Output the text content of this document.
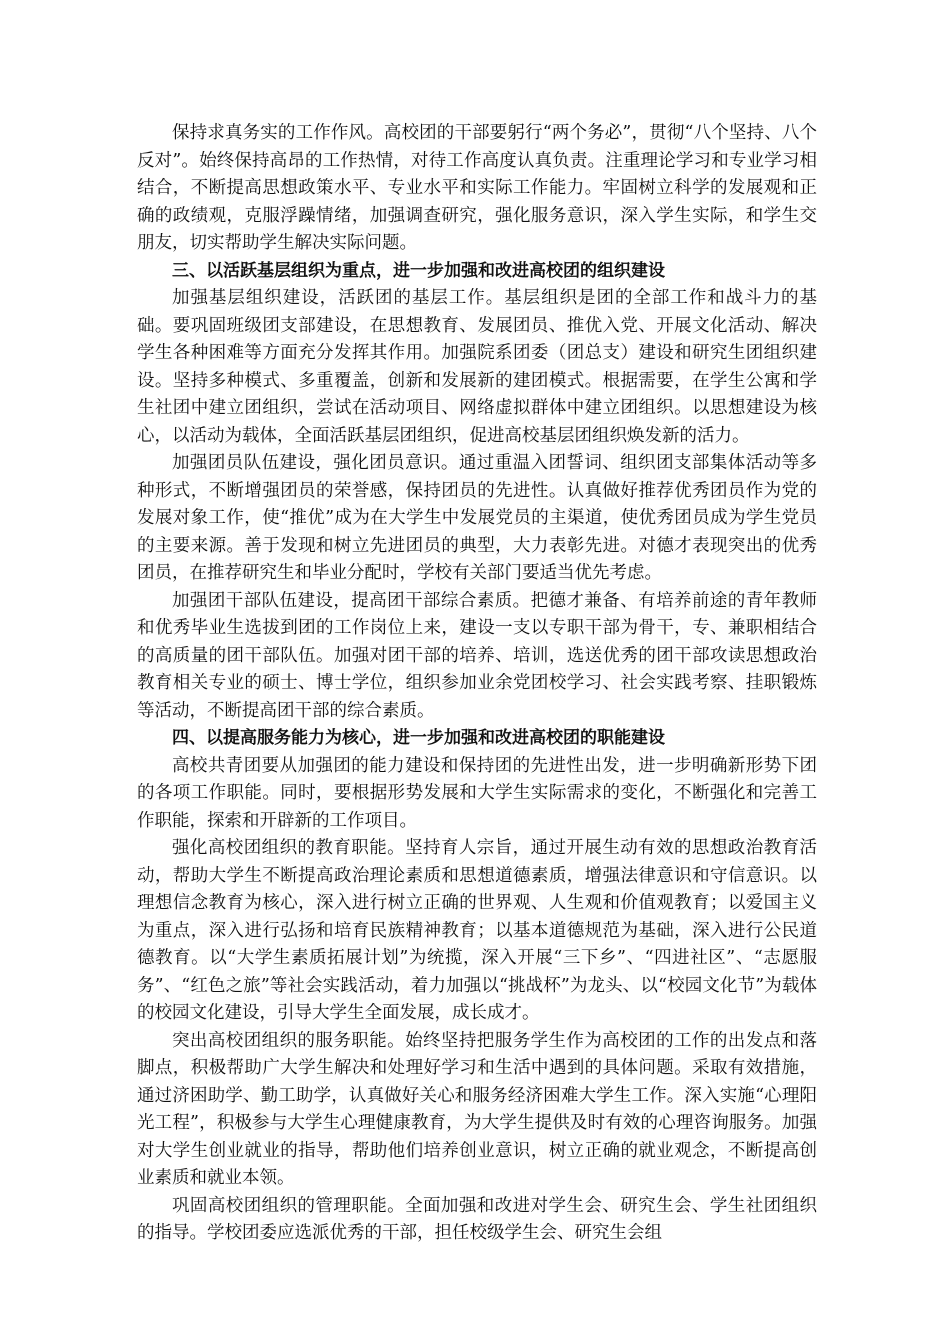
保持求真务实的工作作风。高校团的干部要躬行“两个务必”，贯彻“八个坚持、八个反对”。始终保持高昂的工作热情，对待工作高度认真负责。注重理论学习和专业学习相结合，不断提高思想政策水平、专业水平和实际工作能力。牢固树立科学的发展观和正确的政绩观，克服浮躁情绪，加强调查研究，强化服务意识，深入学生实际，和学生交朋友，切实帮助学生解决实际问题。

三、以活跃基层组织为重点，进一步加强和改进高校团的组织建设

加强基层组织建设，活跃团的基层工作。基层组织是团的全部工作和战斗力的基础。要巩固班级团支部建设，在思想教育、发展团员、推优入党、开展文化活动、解决学生各种困难等方面充分发挥其作用。加强院系团委（团总支）建设和研究生团组织建设。坚持多种模式、多重覆盖，创新和发展新的建团模式。根据需要，在学生公寓和学生社团中建立团组织，尝试在活动项目、网络虚拟群体中建立团组织。以思想建设为核心，以活动为载体，全面活跃基层团组织，促进高校基层团组织焕发新的活力。

加强团员队伍建设，强化团员意识。通过重温入团誓词、组织团支部集体活动等多种形式，不断增强团员的荣誉感，保持团员的先进性。认真做好推荐优秀团员作为党的发展对象工作，使“推优”成为在大学生中发展党员的主渠道，使优秀团员成为学生党员的主要来源。善于发现和树立先进团员的典型，大力表彰先进。对德才表现突出的优秀团员，在推荐研究生和毕业分配时，学校有关部门要适当优先考虑。

加强团干部队伍建设，提高团干部综合素质。把德才兼备、有培养前途的青年教师和优秀毕业生选拔到团的工作岗位上来，建设一支以专职干部为骨干，专、兼职相结合的高质量的团干部队伍。加强对团干部的培养、培训，选送优秀的团干部攻读思想政治教育相关专业的硕士、博士学位，组织参加业余党团校学习、社会实践考察、挂职锻炼等活动，不断提高团干部的综合素质。

四、以提高服务能力为核心，进一步加强和改进高校团的职能建设

高校共青团要从加强团的能力建设和保持团的先进性出发，进一步明确新形势下团的各项工作职能。同时，要根据形势发展和大学生实际需求的变化，不断强化和完善工作职能，探索和开辟新的工作项目。

强化高校团组织的教育职能。坚持育人宗旨，通过开展生动有效的思想政治教育活动，帮助大学生不断提高政治理论素质和思想道德素质，增强法律意识和守信意识。以理想信念教育为核心，深入进行树立正确的世界观、人生观和价值观教育；以爱国主义为重点，深入进行弘扬和培育民族精神教育；以基本道德规范为基础，深入进行公民道德教育。以“大学生素质拓展计划”为统揽，深入开展“三下乡”、“四进社区”、“志愿服务”、“红色之旅”等社会实践活动，着力加强以“挑战杯”为龙头、以“校园文化节”为载体的校园文化建设，引导大学生全面发展，成长成才。

突出高校团组织的服务职能。始终坚持把服务学生作为高校团的工作的出发点和落脚点，积极帮助广大学生解决和处理好学习和生活中遇到的具体问题。采取有效措施，通过济困助学、勤工助学，认真做好关心和服务经济困难大学生工作。深入实施“心理阳光工程”，积极参与大学生心理健康教育，为大学生提供及时有效的心理咨询服务。加强对大学生创业就业的指导，帮助他们培养创业意识，树立正确的就业观念，不断提高创业素质和就业本领。

巩固高校团组织的管理职能。全面加强和改进对学生会、研究生会、学生社团组织的指导。学校团委应选派优秀的干部，担任校级学生会、研究生会组
